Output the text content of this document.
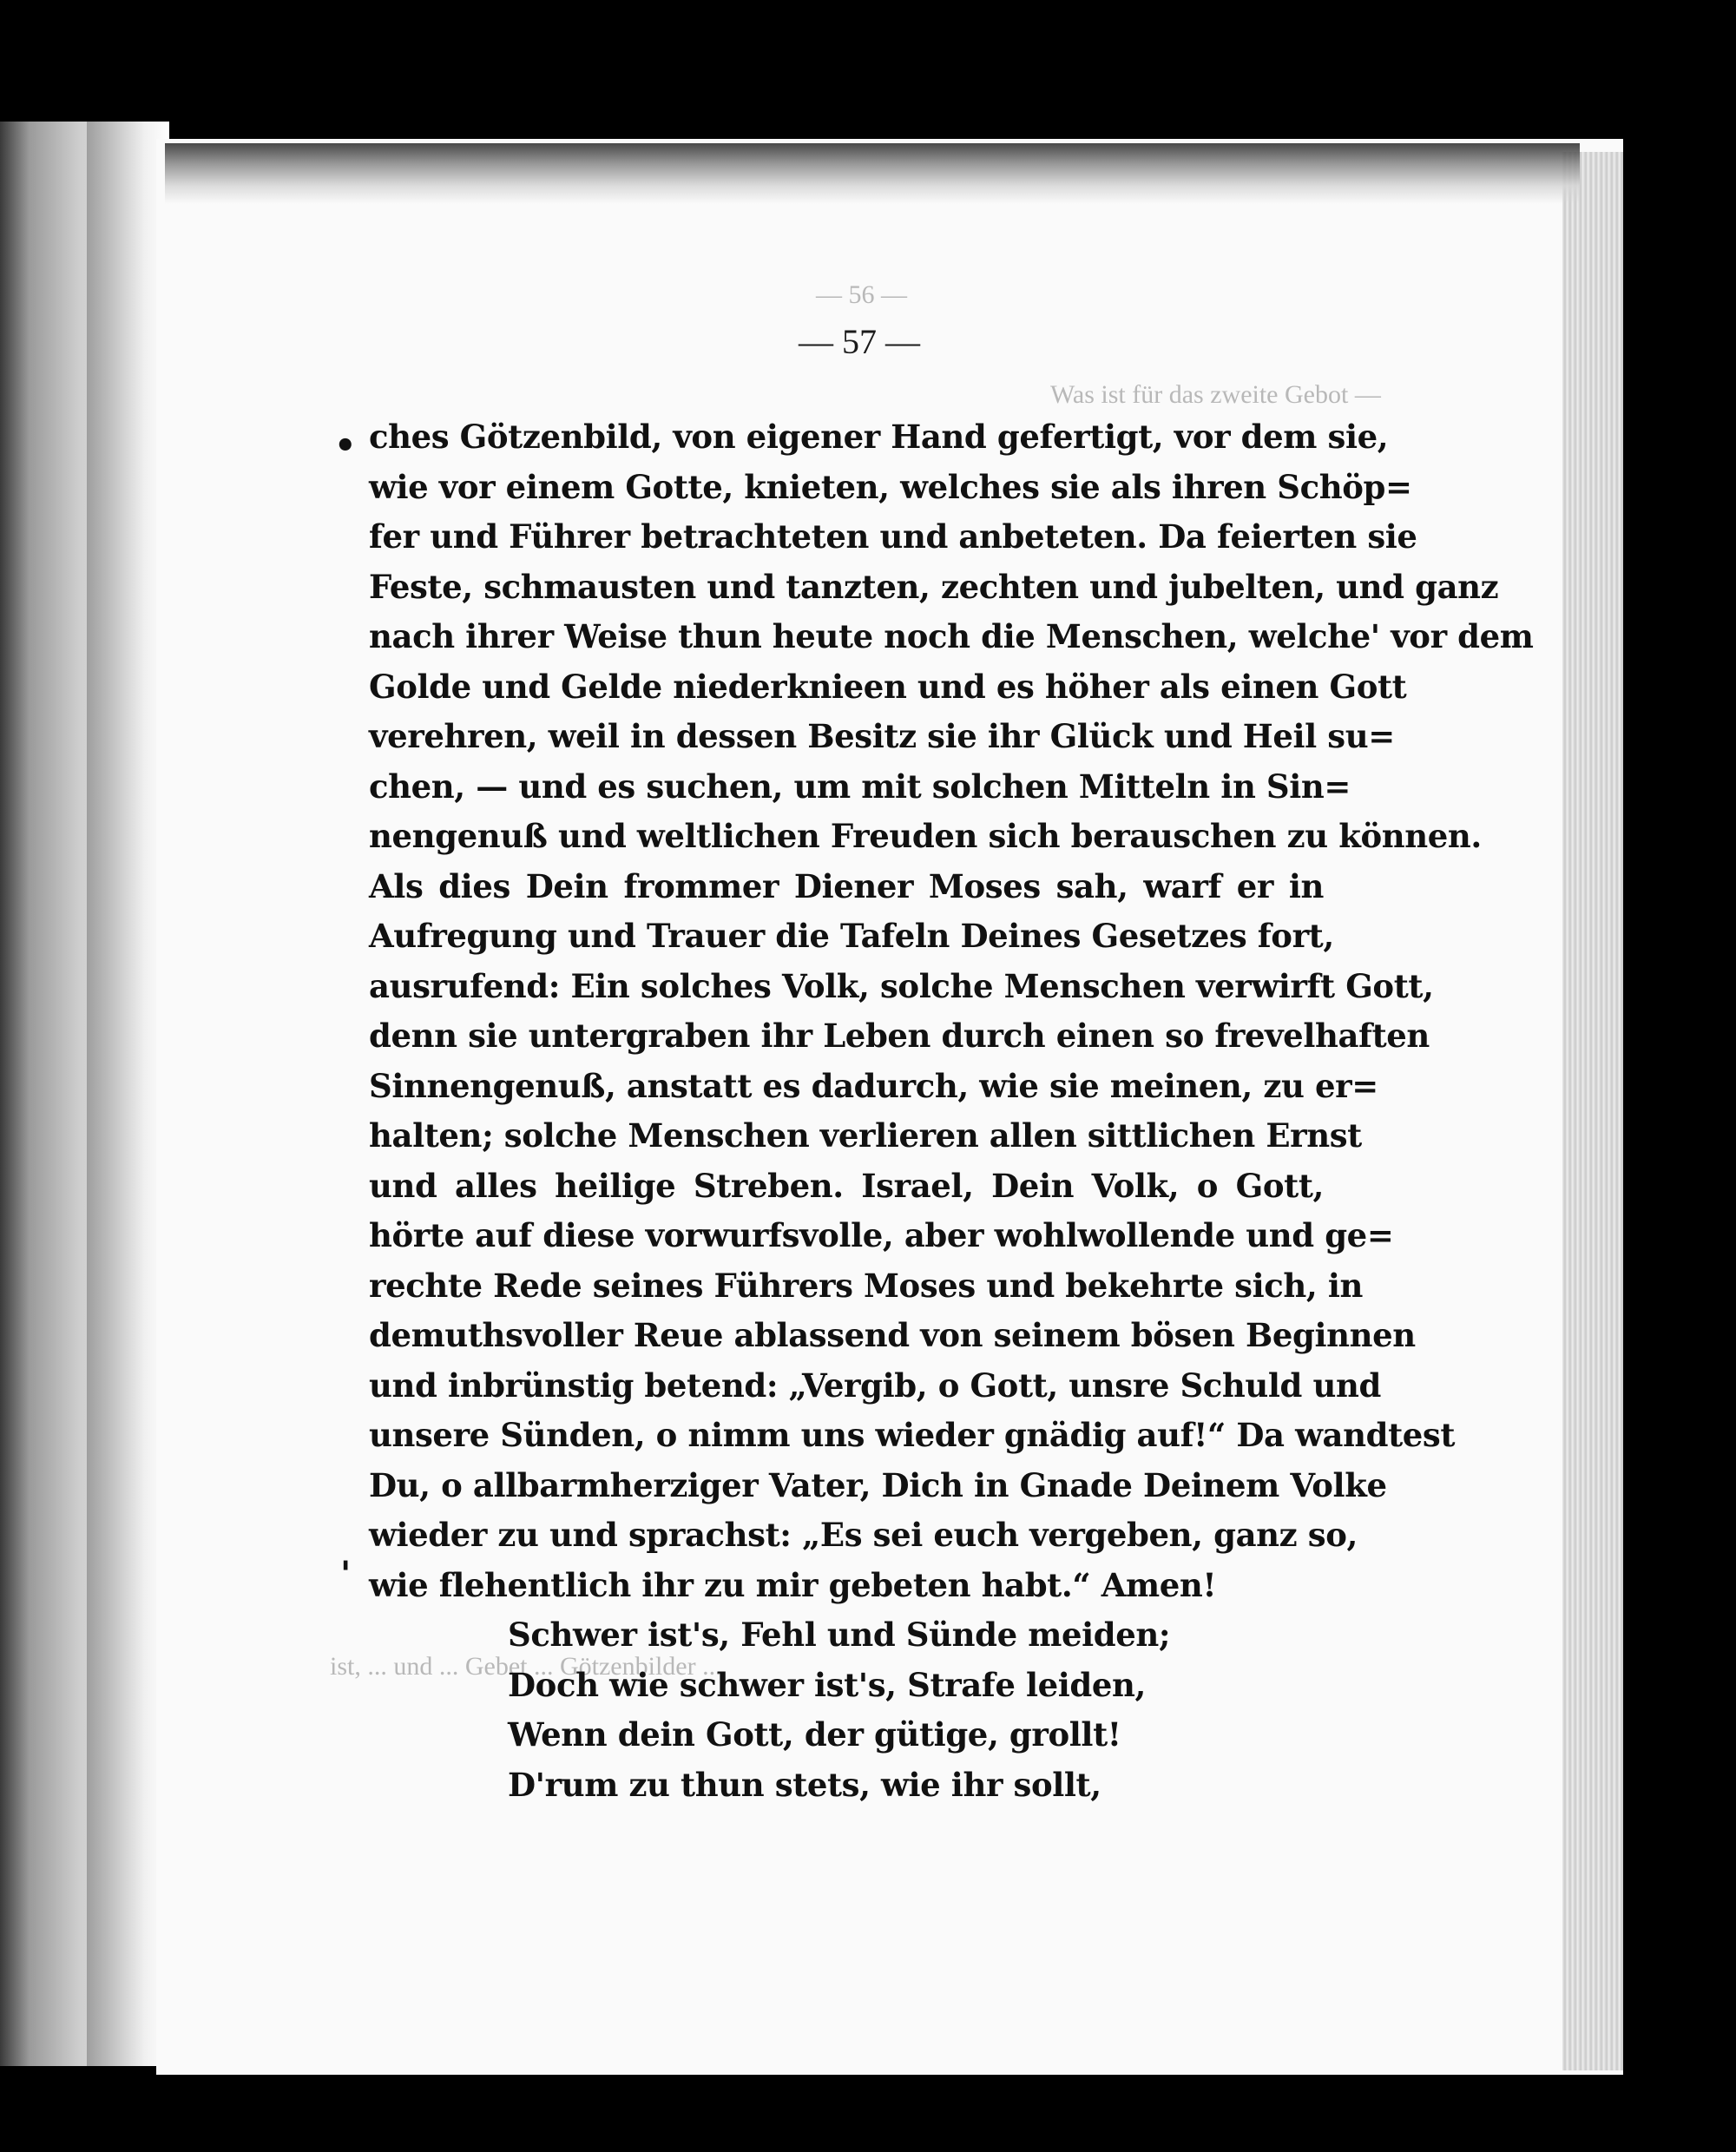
— 56 —
Was ist für das zweite Gebot —
ist, ... und ... Gebet ... Götzenbilder ...
— 57 —
•
'
ches Götzenbild, von eigener Hand gefertigt, vor dem sie,
wie vor einem Gotte, knieten, welches sie als ihren Schöp=
fer und Führer betrachteten und anbeteten. Da feierten sie
Feste, schmausten und tanzten, zechten und jubelten, und ganz
nach ihrer Weise thun heute noch die Menschen, welche' vor dem
Golde und Gelde niederknieen und es höher als einen Gott
verehren, weil in dessen Besitz sie ihr Glück und Heil su=
chen, — und es suchen, um mit solchen Mitteln in Sin=
nengenuß und weltlichen Freuden sich berauschen zu können.
Als dies Dein frommer Diener Moses sah, warf er in
Aufregung und Trauer die Tafeln Deines Gesetzes fort,
ausrufend: Ein solches Volk, solche Menschen verwirft Gott,
denn sie untergraben ihr Leben durch einen so frevelhaften
Sinnengenuß, anstatt es dadurch, wie sie meinen, zu er=
halten; solche Menschen verlieren allen sittlichen Ernst
und alles heilige Streben. Israel, Dein Volk, o Gott,
hörte auf diese vorwurfsvolle, aber wohlwollende und ge=
rechte Rede seines Führers Moses und bekehrte sich, in
demuthsvoller Reue ablassend von seinem bösen Beginnen
und inbrünstig betend: „Vergib, o Gott, unsre Schuld und
unsere Sünden, o nimm uns wieder gnädig auf!“ Da wandtest
Du, o allbarmherziger Vater, Dich in Gnade Deinem Volke
wieder zu und sprachst: „Es sei euch vergeben, ganz so,
wie flehentlich ihr zu mir gebeten habt.“ Amen!
Schwer ist's, Fehl und Sünde meiden;
Doch wie schwer ist's, Strafe leiden,
Wenn dein Gott, der gütige, grollt!
D'rum zu thun stets, wie ihr sollt,
